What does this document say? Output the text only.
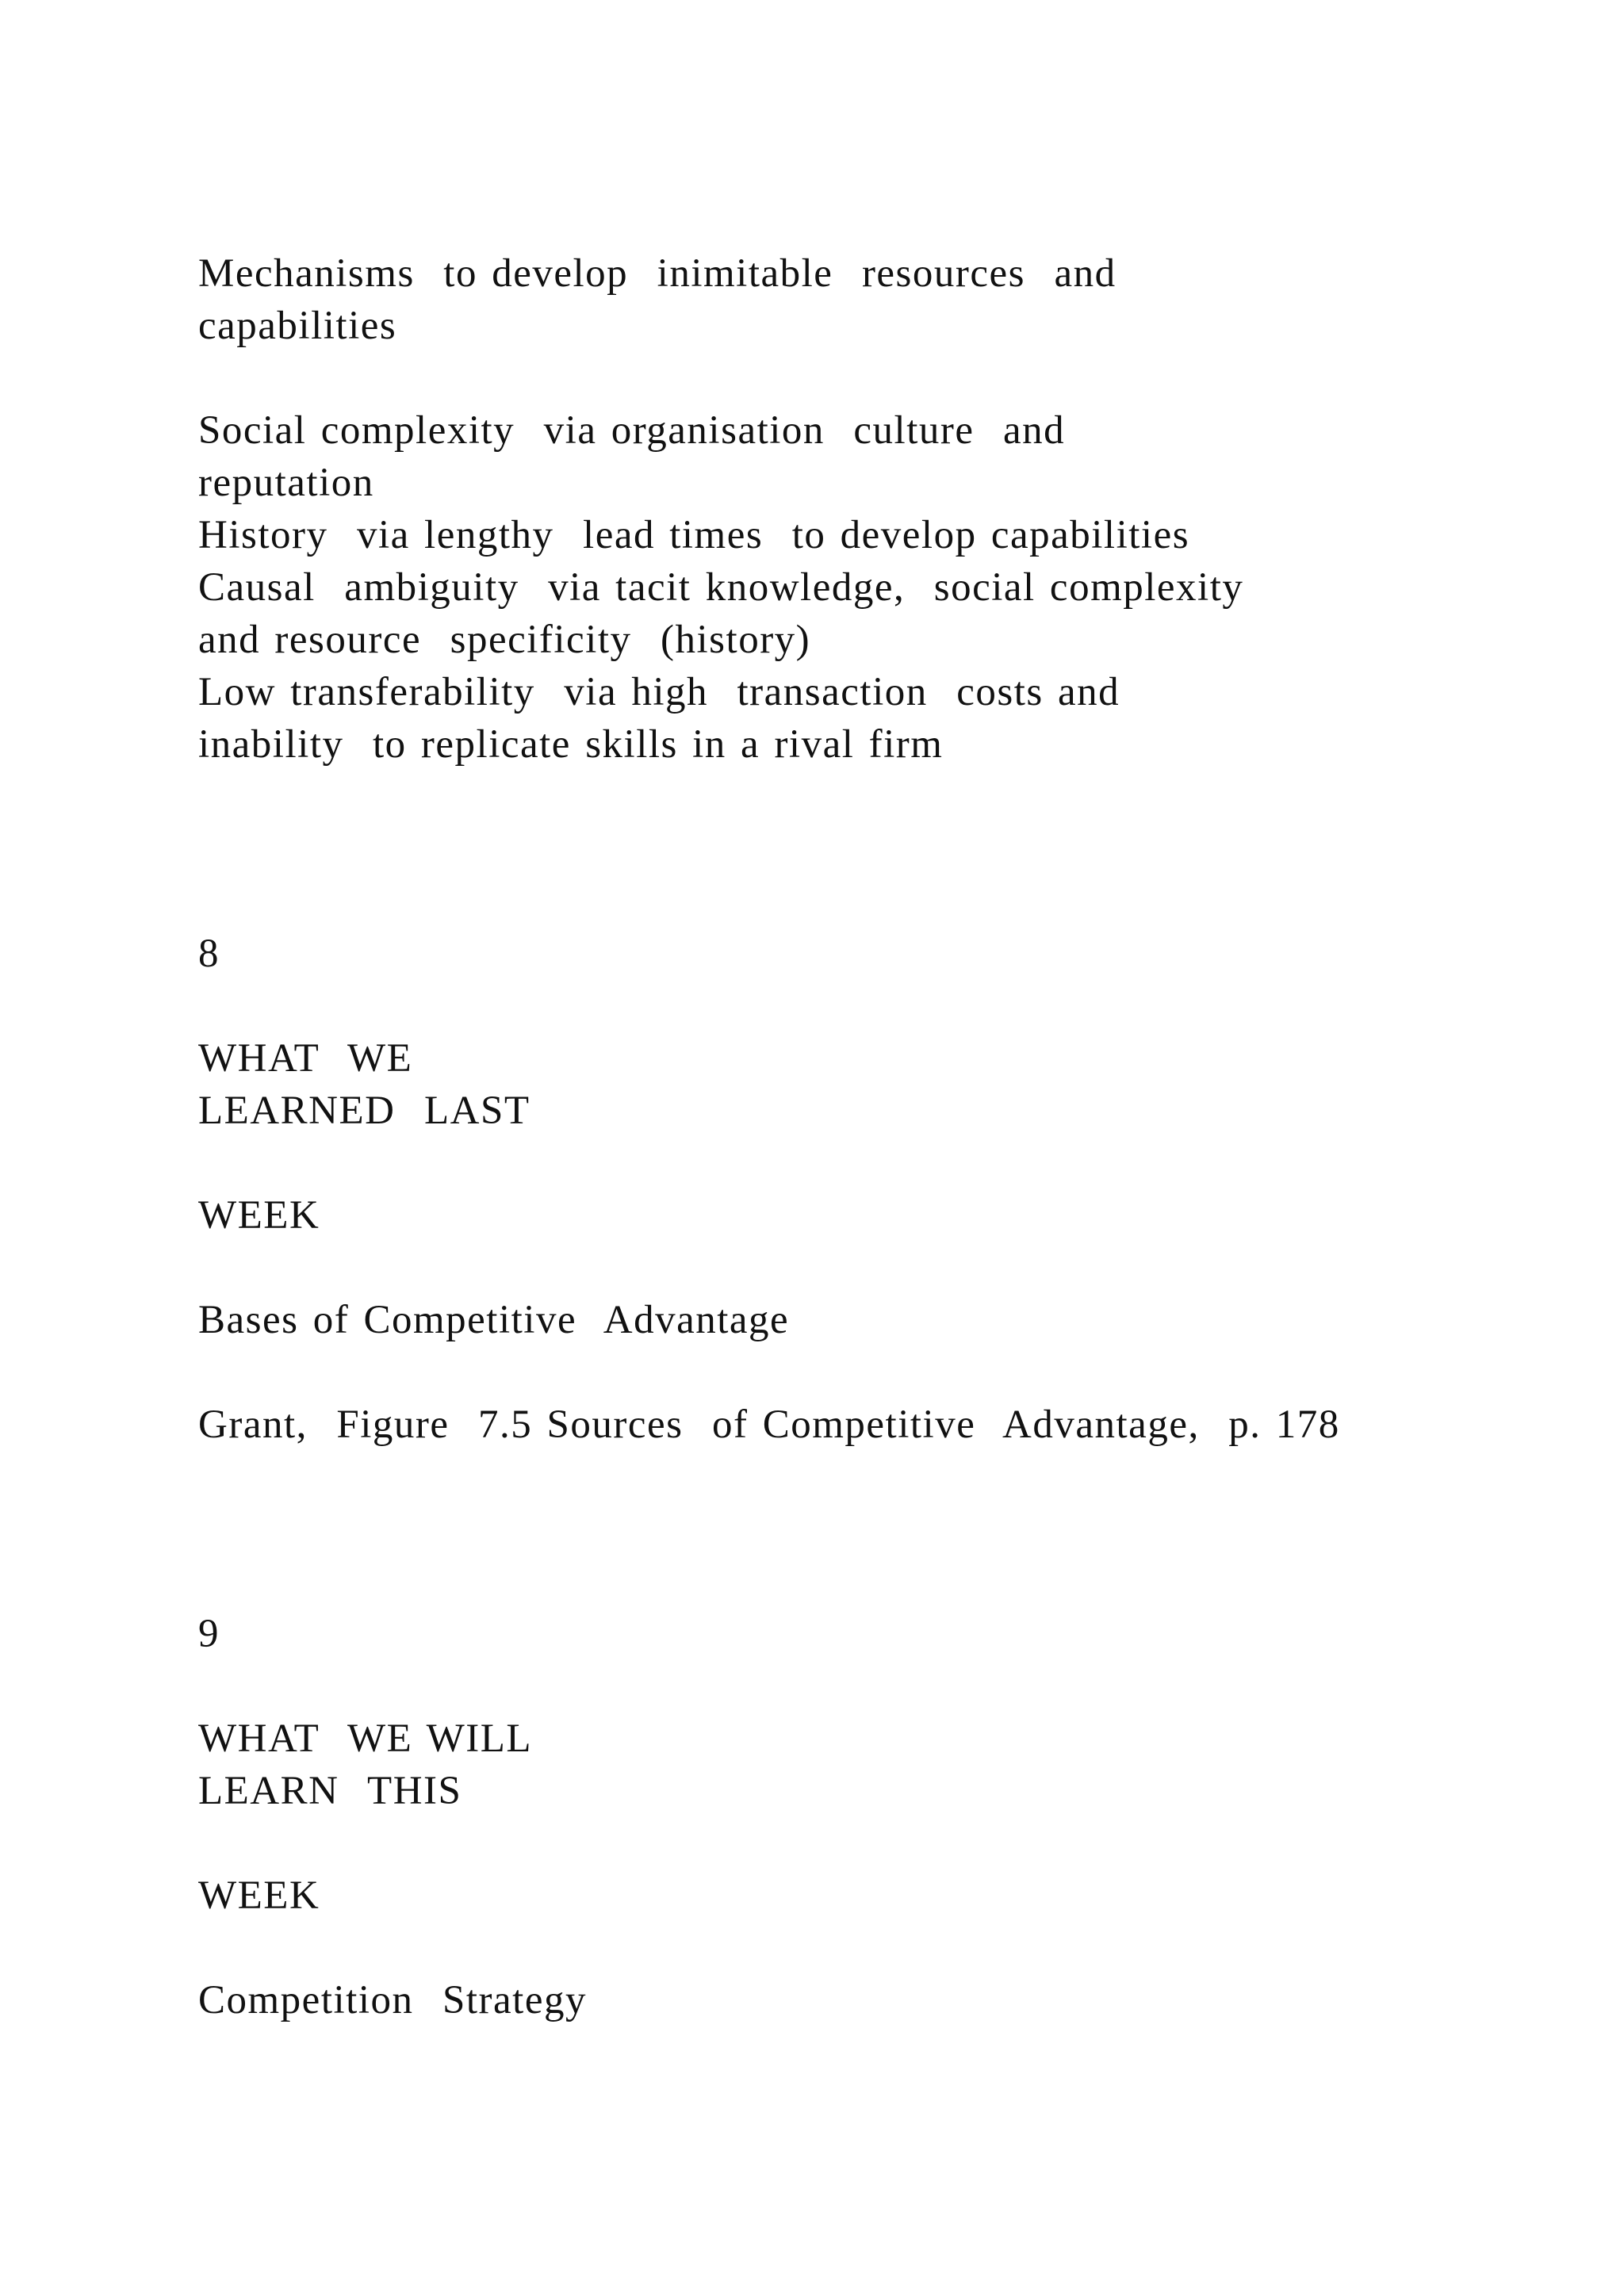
Mechanisms  to develop  inimitable  resources  and
capabilities
Social complexity  via organisation  culture  and
reputation
History  via lengthy  lead times  to develop capabilities
Causal  ambiguity  via tacit knowledge,  social complexity
and resource  specificity  (history)
Low transferability  via high  transaction  costs and
inability  to replicate skills in a rival firm
8
WHAT  WE
LEARNED  LAST
WEEK
Bases of Competitive  Advantage
Grant,  Figure  7.5 Sources  of Competitive  Advantage,  p. 178
9
WHAT  WE WILL
LEARN  THIS
WEEK
Competition  Strategy
